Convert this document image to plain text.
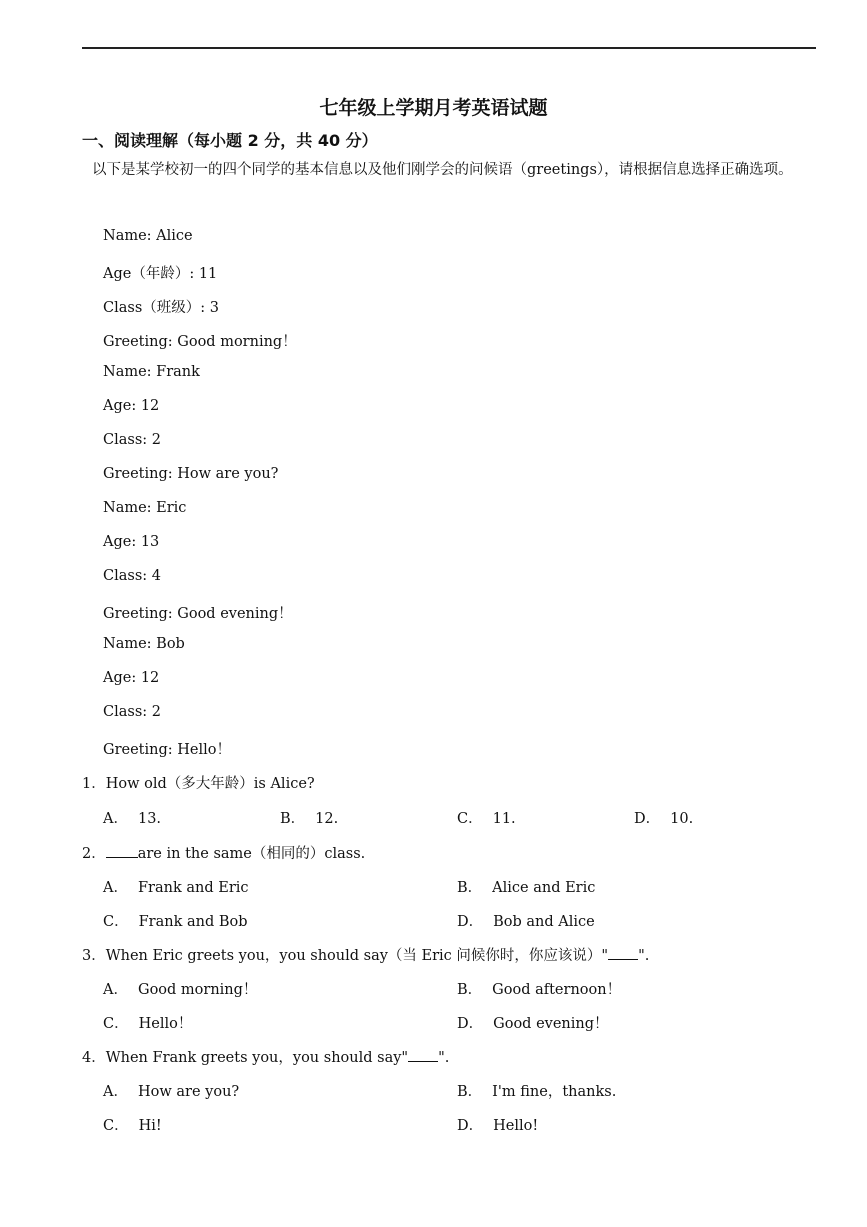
七年级上学期月考英语试题
一、阅读理解（每小题 2 分，共 40 分）
以下是某学校初一的四个同学的基本信息以及他们刚学会的问候语（greetings），请根据信息选择正确选项。
Name: Alice
Age（年龄）: 11
Class（班级）: 3
Greeting: Good morning！
Name: Frank
Age: 12
Class: 2
Greeting: How are you?
Name: Eric
Age: 13
Class: 4
Greeting: Good evening！
Name: Bob
Age: 12
Class: 2
Greeting: Hello！
1．How old（多大年龄）is Alice?
A． 13.	B． 12.	C． 11.	D． 10.
2． are in the same（相同的）class.
A． Frank and Eric	B． Alice and Eric
C． Frank and Bob	D． Bob and Alice
3．When Eric greets you，you should say（当 Eric 问候你时，你应该说）" ".
A． Good morning！	B． Good afternoon！
C． Hello！	D． Good evening！
4．When Frank greets you，you should say" ".
A． How are you?	B． I'm fine，thanks.
C． Hi!	D． Hello!
